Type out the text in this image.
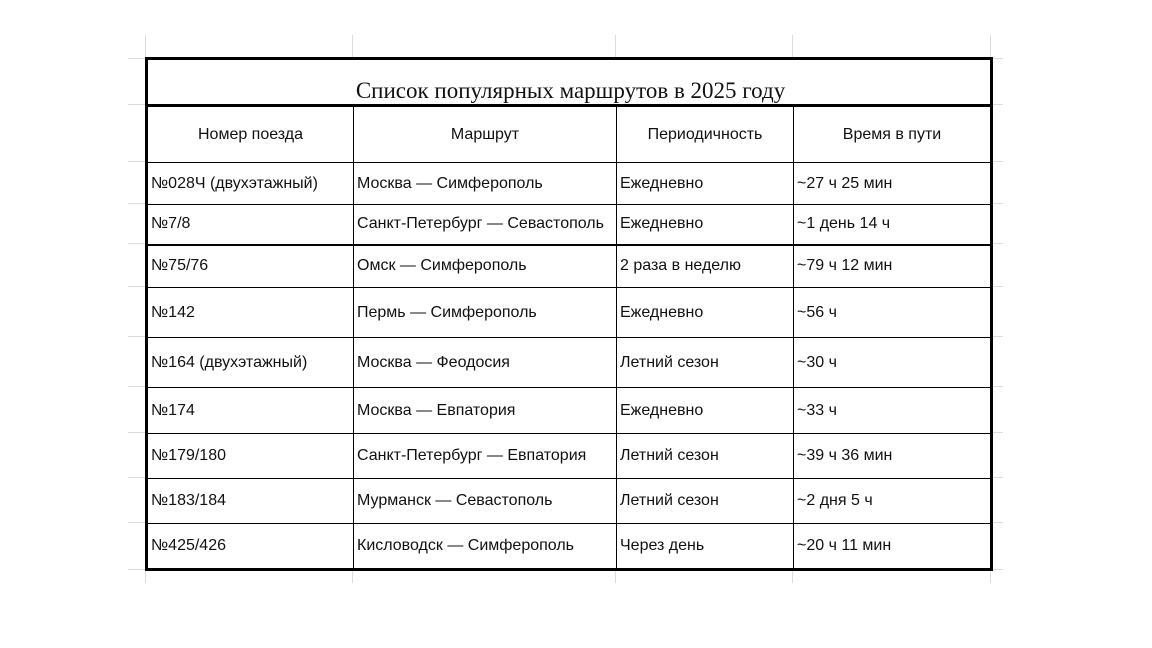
Список популярных маршрутов в 2025 году			
Номер поезда	Маршрут	Периодичность	Время в пути
№028Ч (двухэтажный)	Москва — Симферополь	Ежедневно	~27 ч 25 мин
№7/8	Санкт-Петербург — Севастополь	Ежедневно	~1 день 14 ч
№75/76	Омск — Симферополь	2 раза в неделю	~79 ч 12 мин
№142	Пермь — Симферополь	Ежедневно	~56 ч
№164 (двухэтажный)	Москва — Феодосия	Летний сезон	~30 ч
№174	Москва — Евпатория	Ежедневно	~33 ч
№179/180	Санкт-Петербург — Евпатория	Летний сезон	~39 ч 36 мин
№183/184	Мурманск — Севастополь	Летний сезон	~2 дня 5 ч
№425/426	Кисловодск — Симферополь	Через день	~20 ч 11 мин
